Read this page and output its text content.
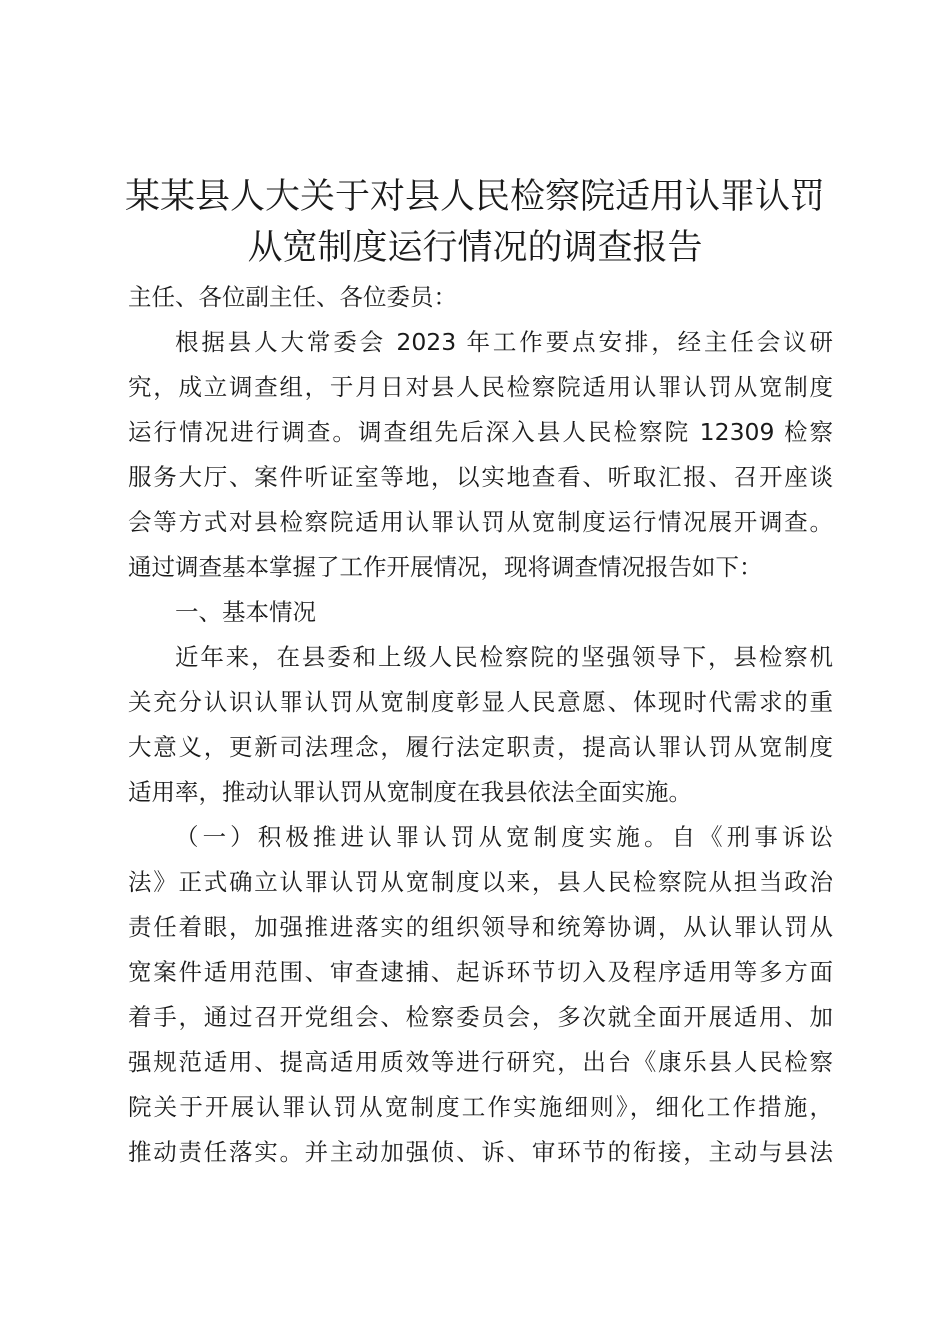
某某县人大关于对县人民检察院适用认罪认罚
从宽制度运行情况的调查报告
主任、各位副主任、各位委员：
根据县人大常委会 2023 年工作要点安排，经主任会议研
究，成立调查组，于月日对县人民检察院适用认罪认罚从宽制度
运行情况进行调查。调查组先后深入县人民检察院 12309 检察
服务大厅、案件听证室等地，以实地查看、听取汇报、召开座谈
会等方式对县检察院适用认罪认罚从宽制度运行情况展开调查。
通过调查基本掌握了工作开展情况，现将调查情况报告如下：
一、基本情况
近年来，在县委和上级人民检察院的坚强领导下，县检察机
关充分认识认罪认罚从宽制度彰显人民意愿、体现时代需求的重
大意义，更新司法理念，履行法定职责，提高认罪认罚从宽制度
适用率，推动认罪认罚从宽制度在我县依法全面实施。
（一）积极推进认罪认罚从宽制度实施。自《刑事诉讼
法》正式确立认罪认罚从宽制度以来，县人民检察院从担当政治
责任着眼，加强推进落实的组织领导和统筹协调，从认罪认罚从
宽案件适用范围、审查逮捕、起诉环节切入及程序适用等多方面
着手，通过召开党组会、检察委员会，多次就全面开展适用、加
强规范适用、提高适用质效等进行研究，出台《康乐县人民检察
院关于开展认罪认罚从宽制度工作实施细则》，细化工作措施，
推动责任落实。并主动加强侦、诉、审环节的衔接，主动与县法
